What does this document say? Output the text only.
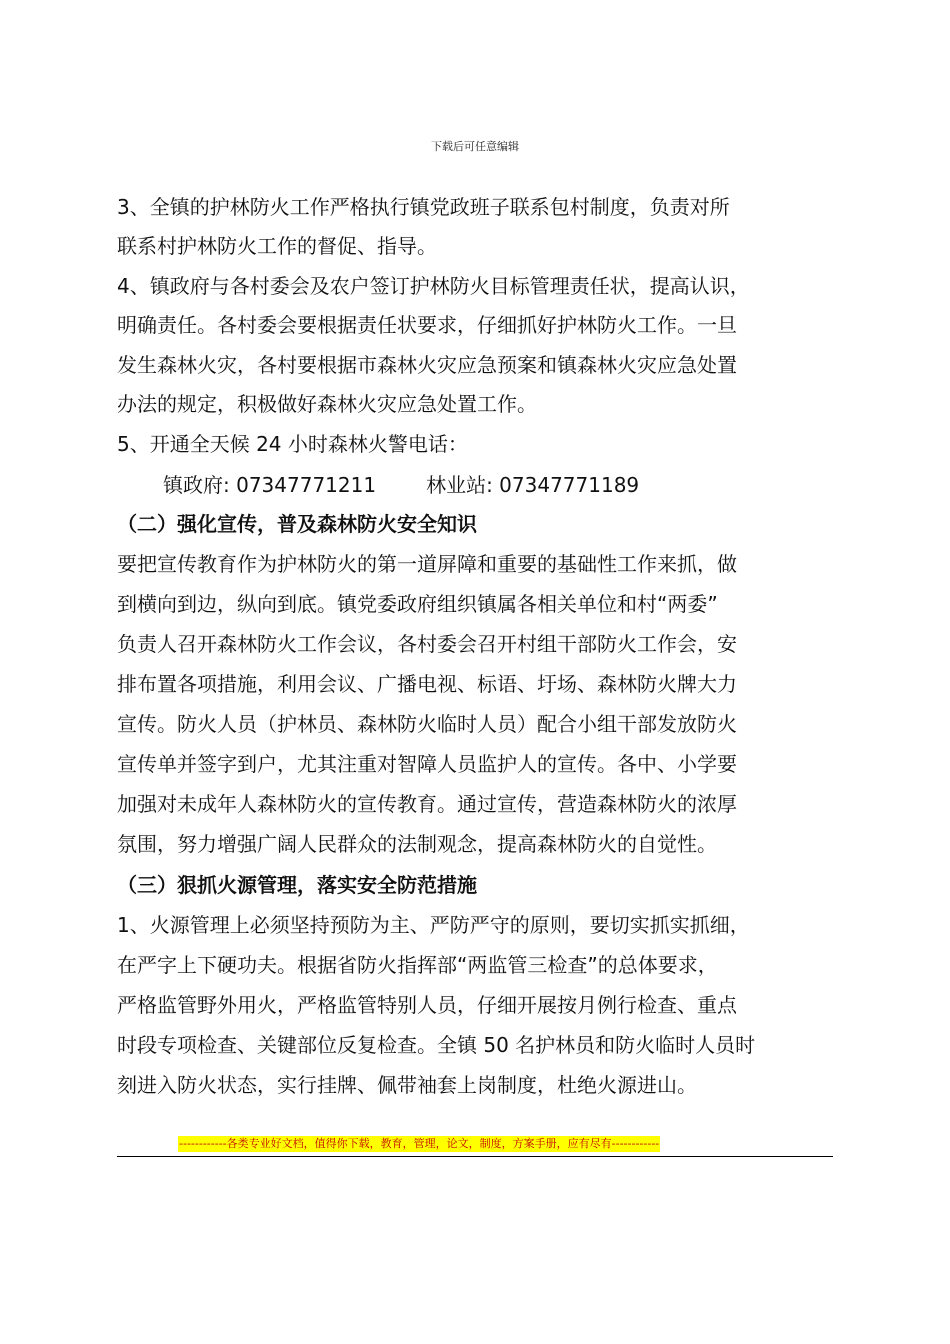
下载后可任意编辑
3、全镇的护林防火工作严格执行镇党政班子联系包村制度，负责对所
联系村护林防火工作的督促、指导。
4、镇政府与各村委会及农户签订护林防火目标管理责任状，提高认识，
明确责任。各村委会要根据责任状要求，仔细抓好护林防火工作。一旦
发生森林火灾，各村要根据市森林火灾应急预案和镇森林火灾应急处置
办法的规定，积极做好森林火灾应急处置工作。
5、开通全天候 24 小时森林火警电话：
镇政府: 07347771211	林业站: 07347771189
（二）强化宣传，普及森林防火安全知识
要把宣传教育作为护林防火的第一道屏障和重要的基础性工作来抓，做
到横向到边，纵向到底。镇党委政府组织镇属各相关单位和村“两委”
负责人召开森林防火工作会议，各村委会召开村组干部防火工作会，安
排布置各项措施，利用会议、广播电视、标语、圩场、森林防火牌大力
宣传。防火人员（护林员、森林防火临时人员）配合小组干部发放防火
宣传单并签字到户，尤其注重对智障人员监护人的宣传。各中、小学要
加强对未成年人森林防火的宣传教育。通过宣传，营造森林防火的浓厚
氛围，努力增强广阔人民群众的法制观念，提高森林防火的自觉性。
（三）狠抓火源管理，落实安全防范措施
1、火源管理上必须坚持预防为主、严防严守的原则，要切实抓实抓细，
在严字上下硬功夫。根据省防火指挥部“两监管三检查”的总体要求，
严格监管野外用火，严格监管特别人员，仔细开展按月例行检查、重点
时段专项检查、关键部位反复检查。全镇 50 名护林员和防火临时人员时
刻进入防火状态，实行挂牌、佩带袖套上岗制度，杜绝火源进山。
------------各类专业好文档，值得你下载，教育，管理，论文，制度，方案手册，应有尽有------------
